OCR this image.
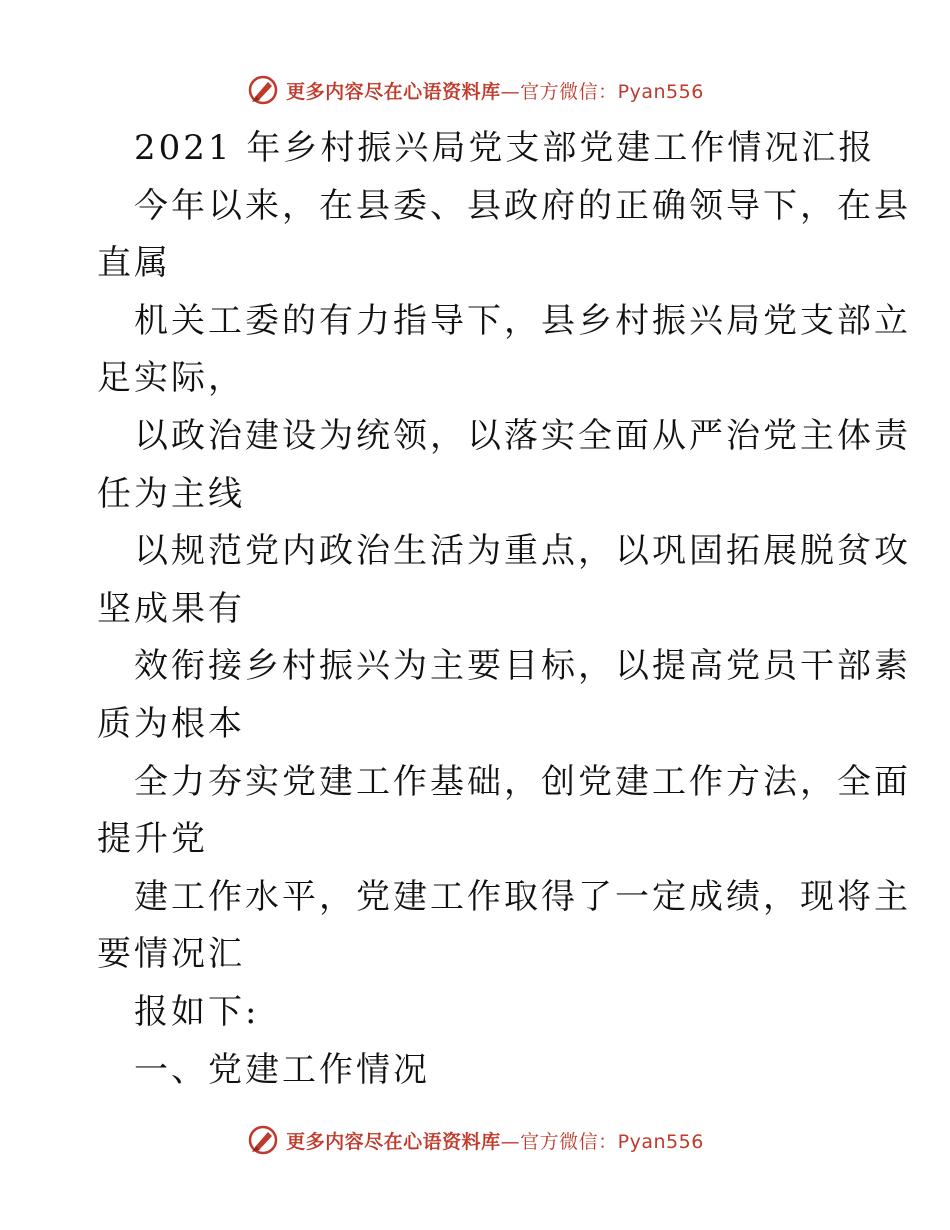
更多内容尽在心语资料库—官方微信：Pyan556
2021 年乡村振兴局党支部党建工作情况汇报
今年以来，在县委、县政府的正确领导下，在县
直属
机关工委的有力指导下，县乡村振兴局党支部立
足实际，
以政治建设为统领，以落实全面从严治党主体责
任为主线
以规范党内政治生活为重点，以巩固拓展脱贫攻
坚成果有
效衔接乡村振兴为主要目标，以提高党员干部素
质为根本
全力夯实党建工作基础，创党建工作方法，全面
提升党
建工作水平，党建工作取得了一定成绩，现将主
要情况汇
报如下:
一、党建工作情况
更多内容尽在心语资料库—官方微信：Pyan556
